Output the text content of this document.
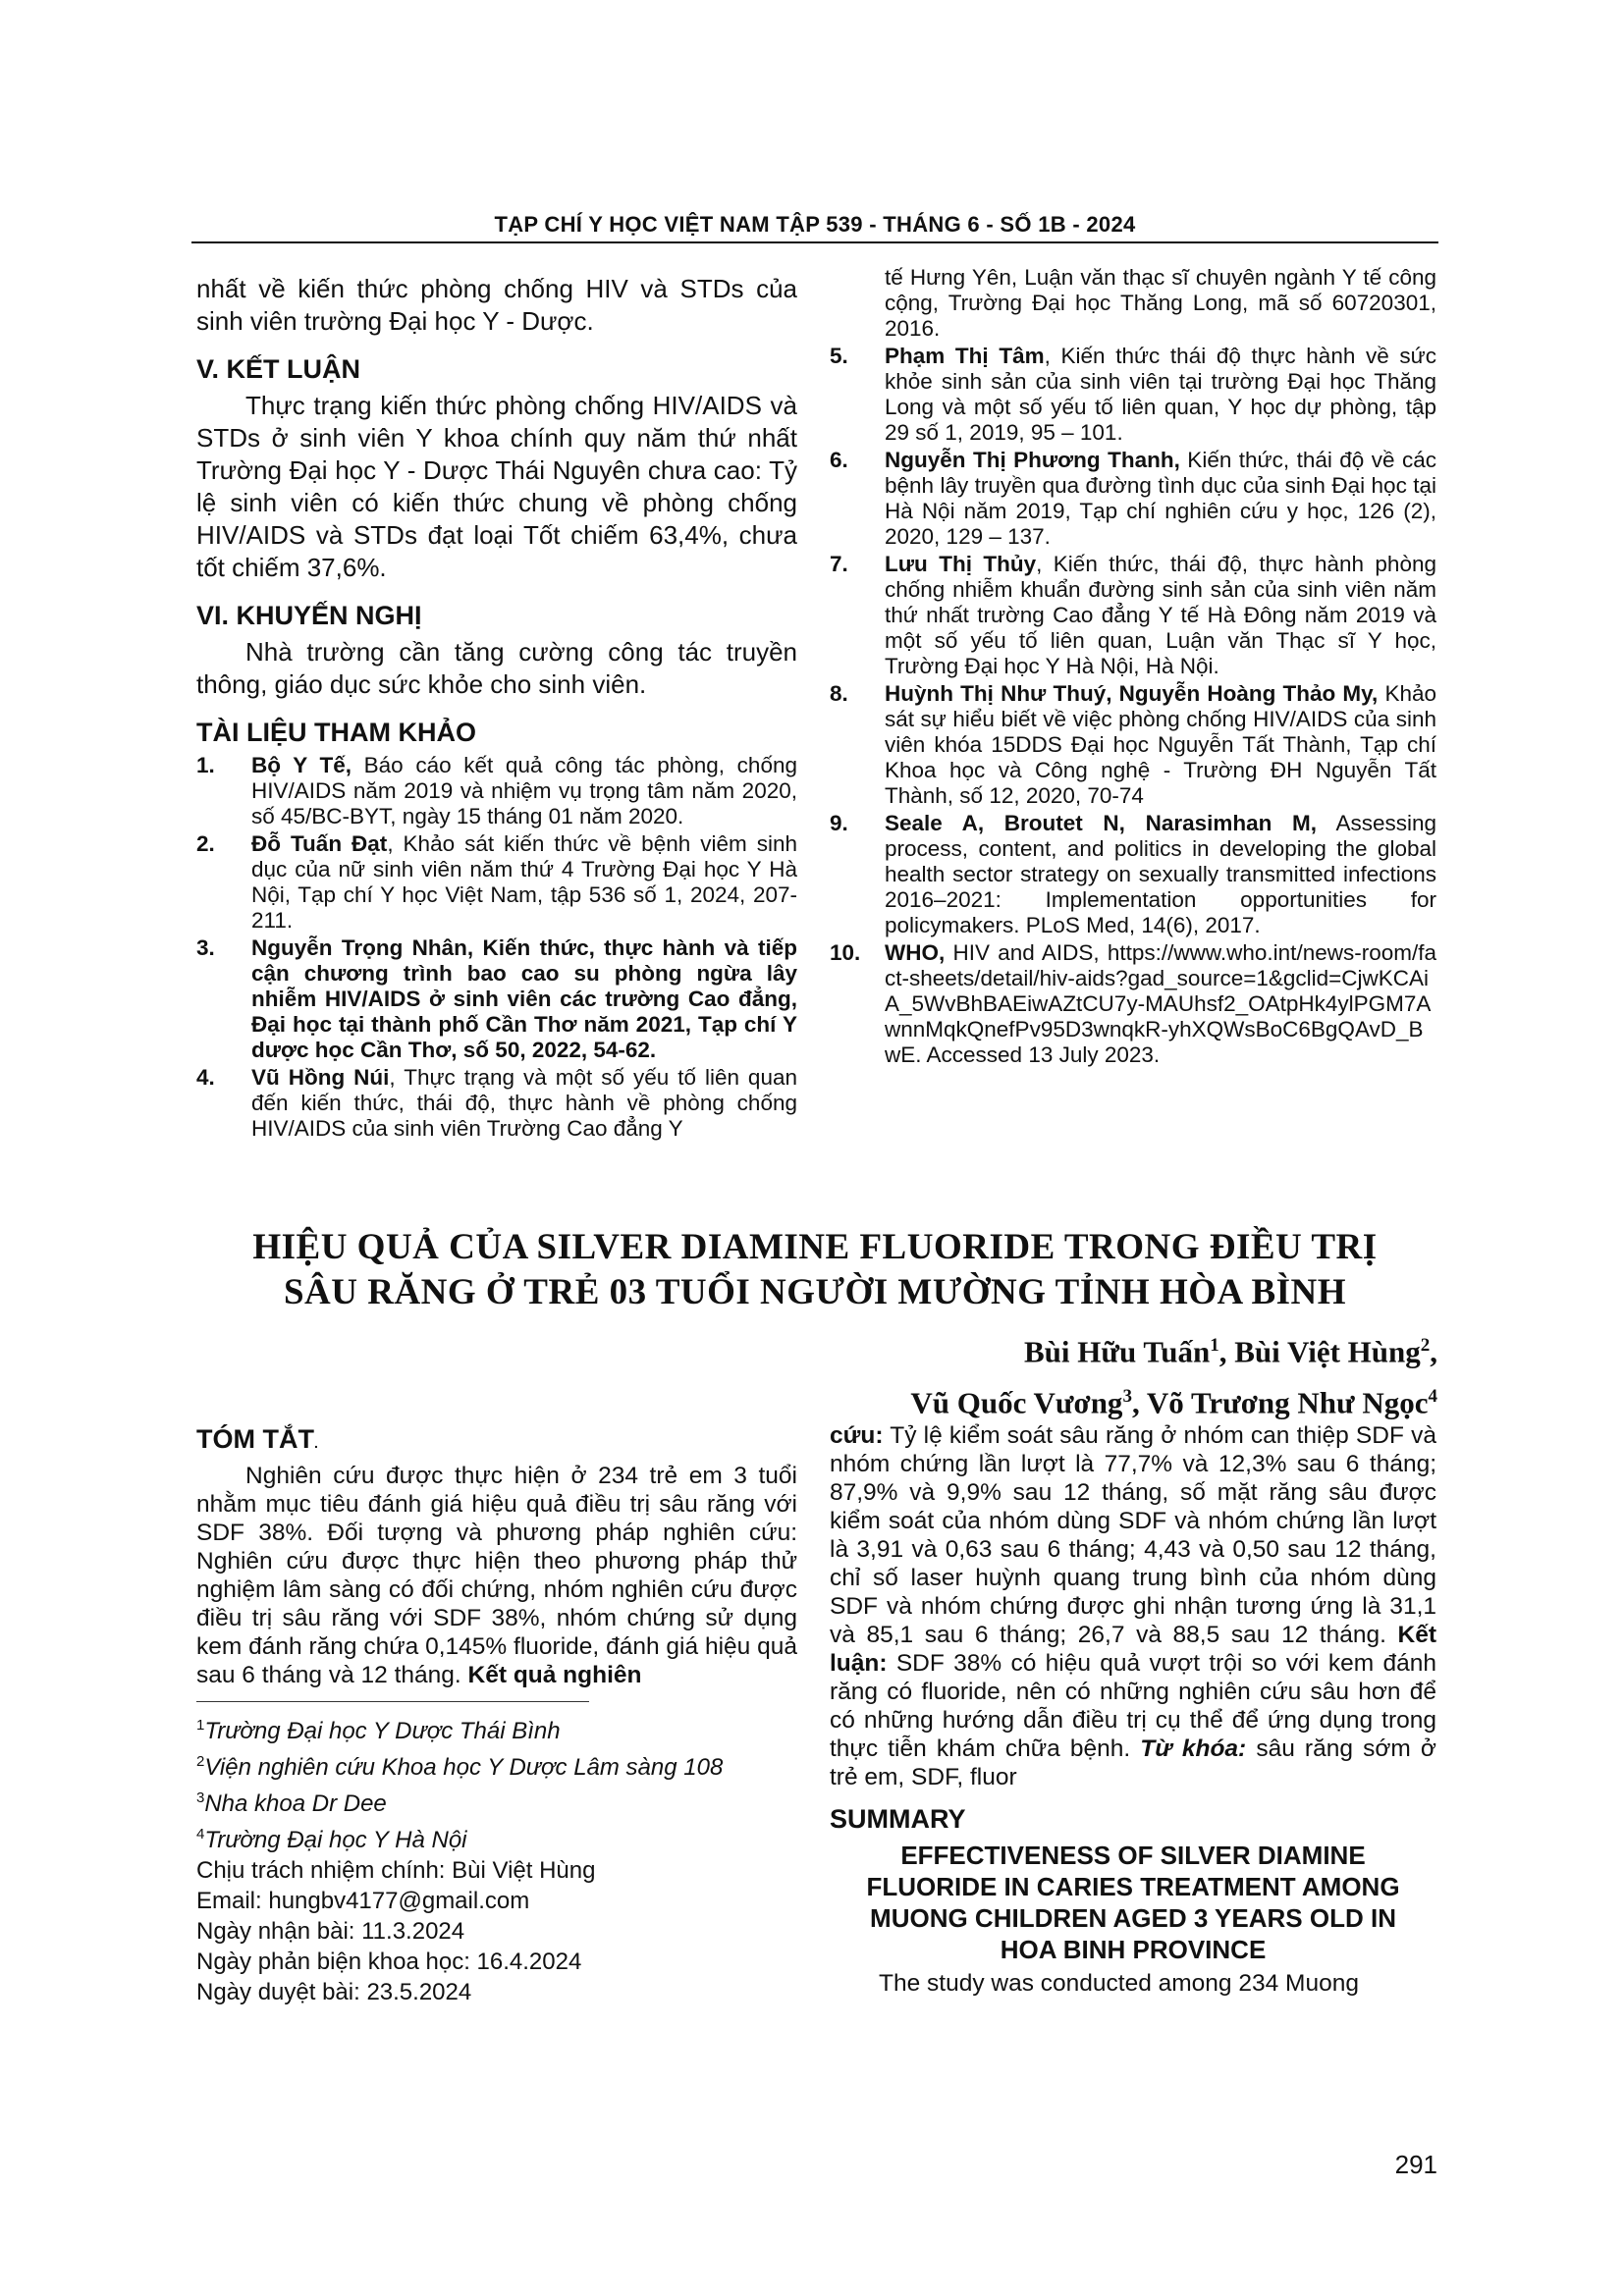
TẠP CHÍ Y HỌC VIỆT NAM TẬP 539 - THÁNG 6 - SỐ 1B - 2024

nhất về kiến thức phòng chống HIV và STDs của sinh viên trường Đại học Y - Dược.

V. KẾT LUẬN

Thực trạng kiến thức phòng chống HIV/AIDS và STDs ở sinh viên Y khoa chính quy năm thứ nhất Trường Đại học Y - Dược Thái Nguyên chưa cao: Tỷ lệ sinh viên có kiến thức chung về phòng chống HIV/AIDS và STDs đạt loại Tốt chiếm 63,4%, chưa tốt chiếm 37,6%.

VI. KHUYẾN NGHỊ

Nhà trường cần tăng cường công tác truyền thông, giáo dục sức khỏe cho sinh viên.

TÀI LIỆU THAM KHẢO
1.	Bộ Y Tế, Báo cáo kết quả công tác phòng, chống HIV/AIDS năm 2019 và nhiệm vụ trọng tâm năm 2020, số 45/BC-BYT, ngày 15 tháng 01 năm 2020.
2.	Đỗ Tuấn Đạt, Khảo sát kiến thức về bệnh viêm sinh dục của nữ sinh viên năm thứ 4 Trường Đại học Y Hà Nội, Tạp chí Y học Việt Nam, tập 536 số 1, 2024, 207-211.
3.	Nguyễn Trọng Nhân, Kiến thức, thực hành và tiếp cận chương trình bao cao su phòng ngừa lây nhiễm HIV/AIDS ở sinh viên các trường Cao đẳng, Đại học tại thành phố Cần Thơ năm 2021, Tạp chí Y dược học Cần Thơ, số 50, 2022, 54-62.
4.	Vũ Hồng Núi, Thực trạng và một số yếu tố liên quan đến kiến thức, thái độ, thực hành về phòng chống HIV/AIDS của sinh viên Trường Cao đẳng Y
tế Hưng Yên, Luận văn thạc sĩ chuyên ngành Y tế công cộng, Trường Đại học Thăng Long, mã số 60720301, 2016.
5.	Phạm Thị Tâm, Kiến thức thái độ thực hành về sức khỏe sinh sản của sinh viên tại trường Đại học Thăng Long và một số yếu tố liên quan, Y học dự phòng, tập 29 số 1, 2019, 95 – 101.
6.	Nguyễn Thị Phương Thanh, Kiến thức, thái độ về các bệnh lây truyền qua đường tình dục của sinh Đại học tại Hà Nội năm 2019, Tạp chí nghiên cứu y học, 126 (2), 2020, 129 – 137.
7.	Lưu Thị Thủy, Kiến thức, thái độ, thực hành phòng chống nhiễm khuẩn đường sinh sản của sinh viên năm thứ nhất trường Cao đẳng Y tế Hà Đông năm 2019 và một số yếu tố liên quan, Luận văn Thạc sĩ Y học, Trường Đại học Y Hà Nội, Hà Nội.
8.	Huỳnh Thị Như Thuý, Nguyễn Hoàng Thảo My, Khảo sát sự hiểu biết về việc phòng chống HIV/AIDS của sinh viên khóa 15DDS Đại học Nguyễn Tất Thành, Tạp chí Khoa học và Công nghệ - Trường ĐH Nguyễn Tất Thành, số 12, 2020, 70-74
9.	Seale A, Broutet N, Narasimhan M, Assessing process, content, and politics in developing the global health sector strategy on sexually transmitted infections 2016–2021: Implementation opportunities for policymakers. PLoS Med, 14(6), 2017.
10.	WHO, HIV and AIDS, https://www.who.int/news-room/fact-sheets/detail/hiv-aids?gad_source=1&gclid=CjwKCAiA_5WvBhBAEiwAZtCU7y-MAUhsf2_OAtpHk4ylPGM7AwnnMqkQnefPv95D3wnqkR-yhXQWsBoC6BgQAvD_BwE. Accessed 13 July 2023.
HIỆU QUẢ CỦA SILVER DIAMINE FLUORIDE TRONG ĐIỀU TRỊ
SÂU RĂNG Ở TRẺ 03 TUỔI NGƯỜI MƯỜNG TỈNH HÒA BÌNH
Bùi Hữu Tuấn$^1$, Bùi Việt Hùng$^2$,
Vũ Quốc Vương$^3$, Võ Trương Như Ngọc$^4$
TÓM TẮT.

Nghiên cứu được thực hiện ở 234 trẻ em 3 tuổi nhằm mục tiêu đánh giá hiệu quả điều trị sâu răng với SDF 38%. Đối tượng và phương pháp nghiên cứu: Nghiên cứu được thực hiện theo phương pháp thử nghiệm lâm sàng có đối chứng, nhóm nghiên cứu được điều trị sâu răng với SDF 38%, nhóm chứng sử dụng kem đánh răng chứa 0,145% fluoride, đánh giá hiệu quả sau 6 tháng và 12 tháng. Kết quả nghiên

$^1$Trường Đại học Y Dược Thái Bình
$^2$Viện nghiên cứu Khoa học Y Dược Lâm sàng 108
$^3$Nha khoa Dr Dee
$^4$Trường Đại học Y Hà Nội
Chịu trách nhiệm chính: Bùi Việt Hùng
Email: hungbv4177@gmail.com
Ngày nhận bài: 11.3.2024
Ngày phản biện khoa học: 16.4.2024
Ngày duyệt bài: 23.5.2024

cứu: Tỷ lệ kiểm soát sâu răng ở nhóm can thiệp SDF và nhóm chứng lần lượt là 77,7% và 12,3% sau 6 tháng; 87,9% và 9,9% sau 12 tháng, số mặt răng sâu được kiểm soát của nhóm dùng SDF và nhóm chứng lần lượt là 3,91 và 0,63 sau 6 tháng; 4,43 và 0,50 sau 12 tháng, chỉ số laser huỳnh quang trung bình của nhóm dùng SDF và nhóm chứng được ghi nhận tương ứng là 31,1 và 85,1 sau 6 tháng; 26,7 và 88,5 sau 12 tháng. Kết luận: SDF 38% có hiệu quả vượt trội so với kem đánh răng có fluoride, nên có những nghiên cứu sâu hơn để có những hướng dẫn điều trị cụ thể để ứng dụng trong thực tiễn khám chữa bệnh. Từ khóa: sâu răng sớm ở trẻ em, SDF, fluor

SUMMARY
EFFECTIVENESS OF SILVER DIAMINE FLUORIDE IN CARIES TREATMENT AMONG MUONG CHILDREN AGED 3 YEARS OLD IN HOA BINH PROVINCE

The study was conducted among 234 Muong

291
